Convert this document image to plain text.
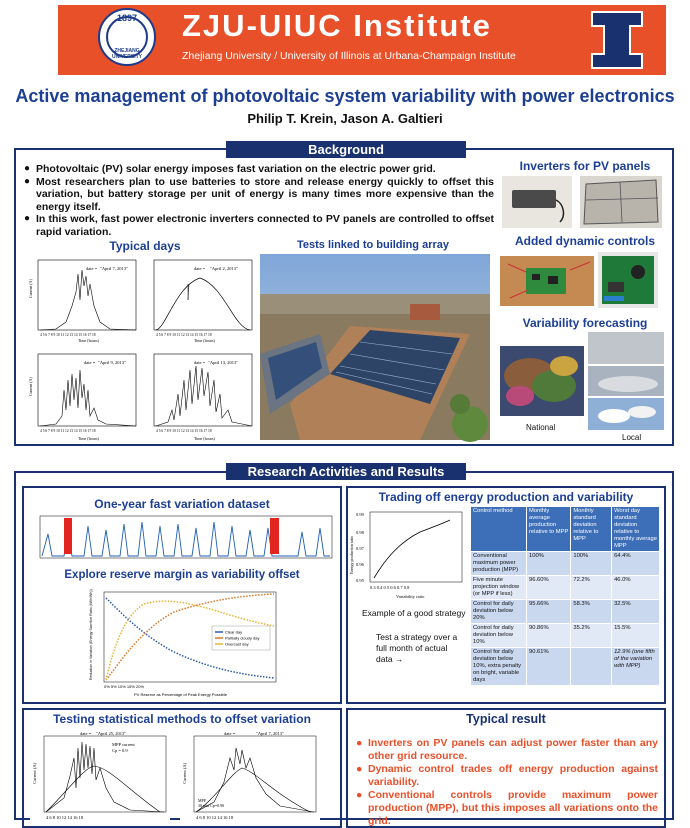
1897
ZHEJIANG UNIVERSITY
ZJU-UIUC Institute
Zhejiang University / University of Illinois at Urbana-Champaign Institute
Active management of photovoltaic system variability with power electronics
Philip T. Krein, Jason A. Galtieri
Background
● Photovoltaic (PV) solar energy imposes fast variation on the electric power grid.
● Most researchers plan to use batteries to store and release energy quickly to offset this variation, but battery storage per unit of energy is many times more expensive than the energy itself.
● In this work, fast power electronic inverters connected to PV panels are controlled to offset rapid variation.
Typical days	Tests linked to building array
date = "April 7, 2013"
Current (A)
Time (hours)
4 5 6 7 8 9 10 11 12 13 14 15 16 17 18
date = "April 2, 2013"
Time (hours)
4 5 6 7 8 9 10 11 12 13 14 15 16 17 18
date = "April 9, 2013"
Current (A)
Time (hours)
4 5 6 7 8 9 10 11 12 13 14 15 16 17 18
date = "April 13, 2013"
Time (hours)
4 5 6 7 8 9 10 11 12 13 14 15 16 17 18
Inverters for PV panels
Added dynamic controls
Variability forecasting
National
Local
Research Activities and Results
One-year fast variation dataset
Explore reserve margin as variability offset
Clear day
Partially cloudy day
Overcast day
Reduction in Variation (Energy Sacrifice Ratio (kWh/Wh))
0% 5% 10% 15% 20%
PV Reserve as Percentage of Peak Energy Possible
Trading off energy production and variability
0.99
0.98
0.97
0.96
0.95
0.3 0.4 0.5 0.6 0.7 0.8
Variability ratio
Energy production ratio
Example of a good strategy
Test a strategy over a full month of actual data →
Control method	Monthly average production relative to MPP	Monthly standard deviation relative to MPP	Worst day standard deviation relative to monthly average MPP
Conventional maximum power production (MPP)	100%	100%	64.4%
Five minute projection window (or MPP if less)	96.60%	72.2%	46.0%
Control for daily deviation below 20%	95.66%	58.3%	32.5%
Control for daily deviation below 10%	90.86%	35.2%	15.5%
Control for daily deviation below 10%, extra penalty on bright, variable days	90.61%		12.9% (one fifth of the variation with MPP)
Testing statistical methods to offset variation
date = "April 25, 2013"
MPP current
Cp = 0.9
Current (A)
4 6 8 10 12 14 16 18
date =	"April 7, 2013"
MPP
30 min Cp=0.90
Current (A)
4 6 8 10 12 14 16 18
Typical result
● Inverters on PV panels can adjust power faster than any other grid resource.
● Dynamic control trades off energy production against variability.
● Conventional controls provide maximum power production (MPP), but this imposes all variations onto the grid.
